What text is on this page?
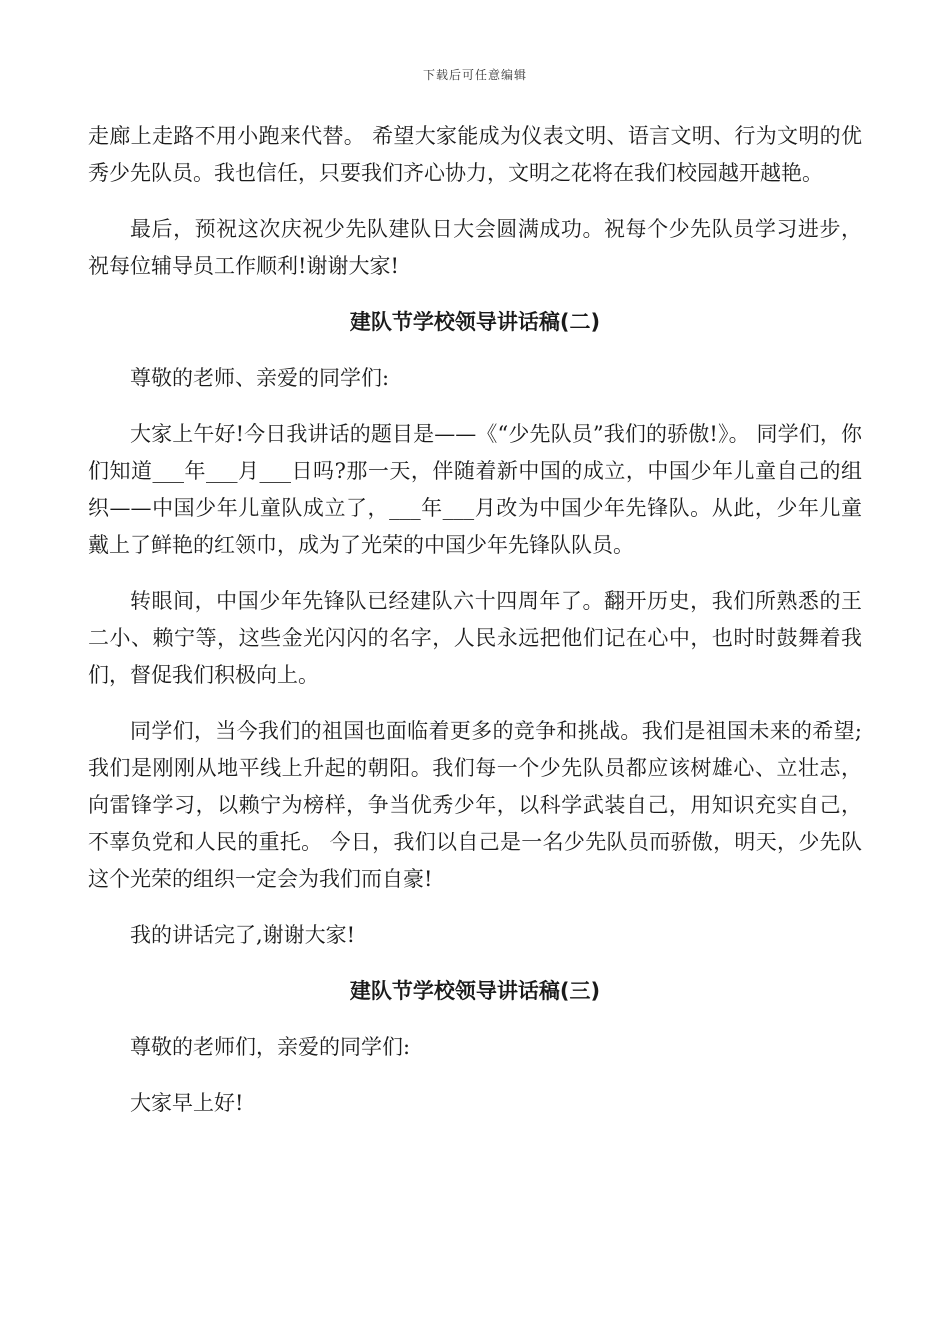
下载后可任意编辑

走廊上走路不用小跑来代替。 希望大家能成为仪表文明、语言文明、行为文明的优秀少先队员。我也信任，只要我们齐心协力，文明之花将在我们校园越开越艳。

最后，预祝这次庆祝少先队建队日大会圆满成功。祝每个少先队员学习进步，祝每位辅导员工作顺利!谢谢大家!

建队节学校领导讲话稿(二)

尊敬的老师、亲爱的同学们:

大家上午好!今日我讲话的题目是——《“少先队员”我们的骄傲!》。 同学们，你们知道___年___月___日吗?那一天，伴随着新中国的成立，中国少年儿童自己的组织——中国少年儿童队成立了，___年___月改为中国少年先锋队。从此，少年儿童戴上了鲜艳的红领巾，成为了光荣的中国少年先锋队队员。

转眼间，中国少年先锋队已经建队六十四周年了。翻开历史，我们所熟悉的王二小、赖宁等，这些金光闪闪的名字，人民永远把他们记在心中，也时时鼓舞着我们，督促我们积极向上。

同学们，当今我们的祖国也面临着更多的竞争和挑战。我们是祖国未来的希望;我们是刚刚从地平线上升起的朝阳。我们每一个少先队员都应该树雄心、立壮志，向雷锋学习，以赖宁为榜样，争当优秀少年，以科学武装自己，用知识充实自己，不辜负党和人民的重托。 今日，我们以自己是一名少先队员而骄傲，明天，少先队这个光荣的组织一定会为我们而自豪!

我的讲话完了,谢谢大家!

建队节学校领导讲话稿(三)

尊敬的老师们，亲爱的同学们:

大家早上好!
